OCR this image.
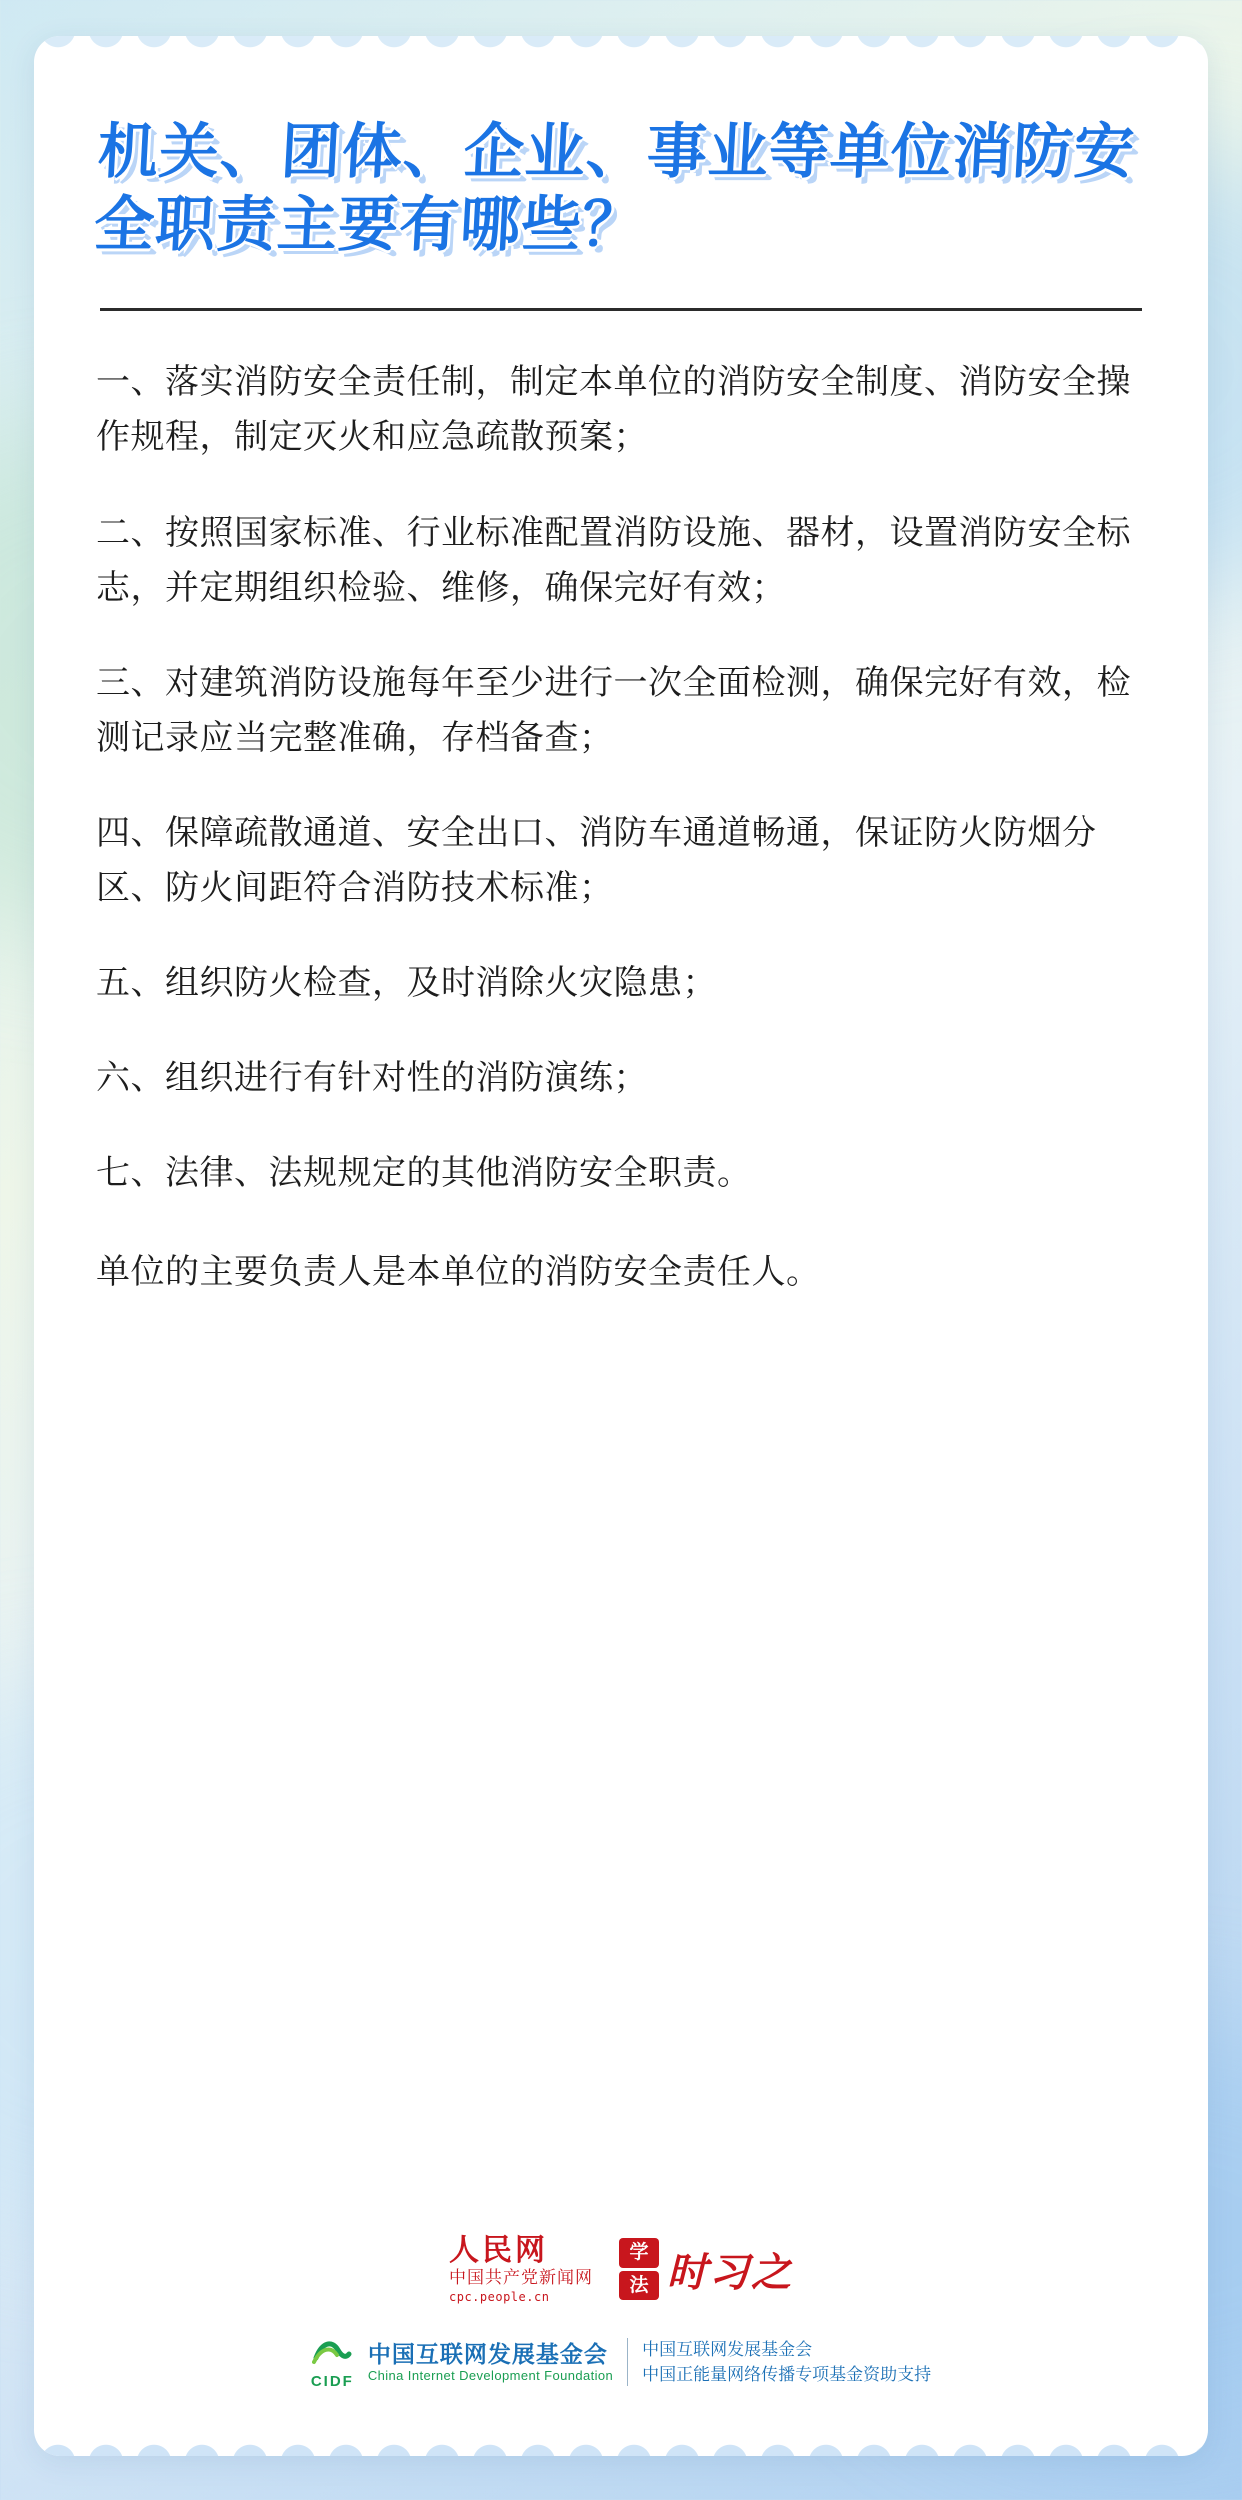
机关、团体、企业、事业等单位消防安全职责主要有哪些？

一、落实消防安全责任制，制定本单位的消防安全制度、消防安全操作规程，制定灭火和应急疏散预案；

二、按照国家标准、行业标准配置消防设施、器材，设置消防安全标志，并定期组织检验、维修，确保完好有效；

三、对建筑消防设施每年至少进行一次全面检测，确保完好有效，检测记录应当完整准确，存档备查；

四、保障疏散通道、安全出口、消防车通道畅通，保证防火防烟分区、防火间距符合消防技术标准；

五、组织防火检查，及时消除火灾隐患；

六、组织进行有针对性的消防演练；

七、法律、法规规定的其他消防安全职责。

单位的主要负责人是本单位的消防安全责任人。

人民网
中国共产党新闻网
cpc.people.cn
学
法 时习之
CIDF
中国互联网发展基金会
China Internet Development Foundation
中国互联网发展基金会
中国正能量网络传播专项基金资助支持
